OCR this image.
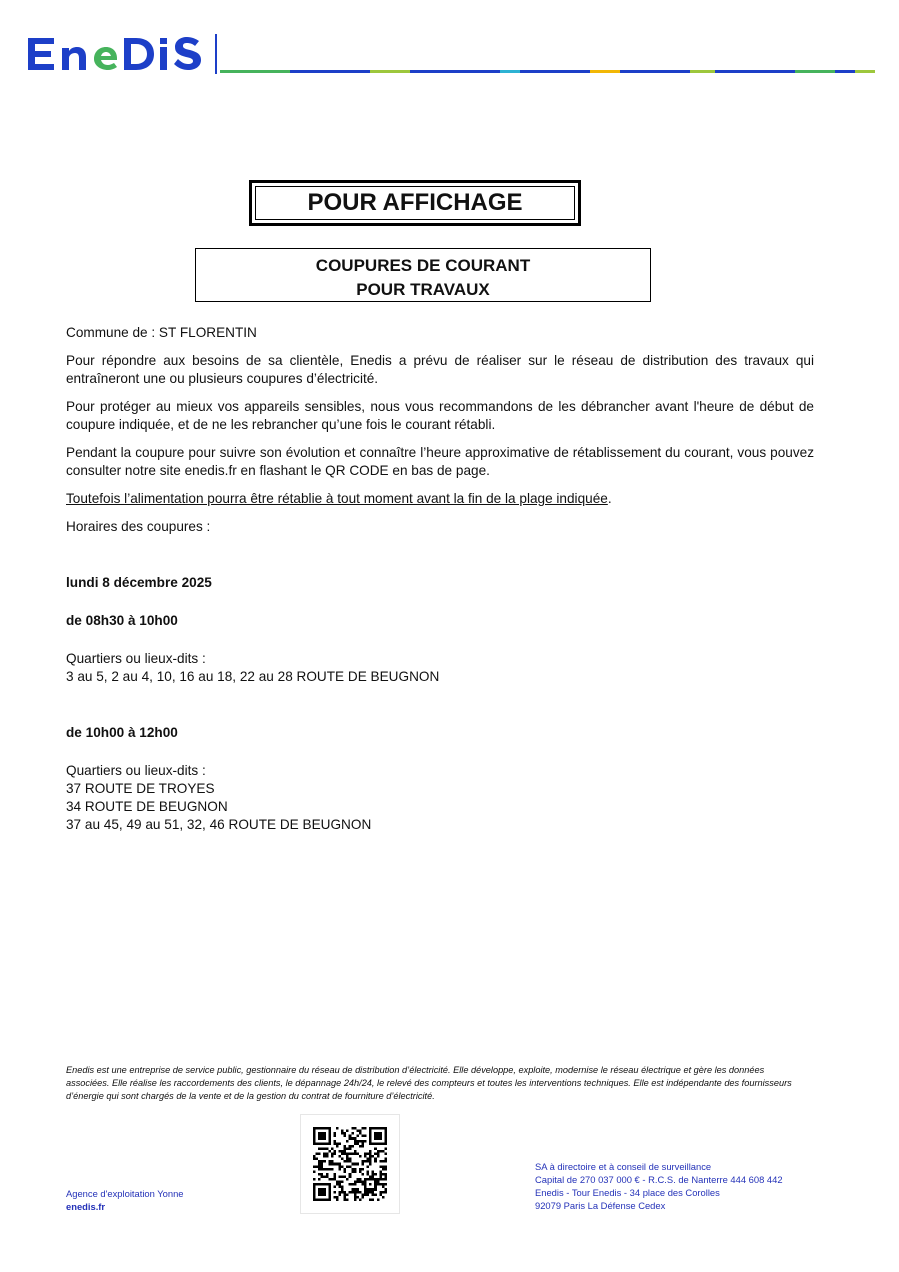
POUR AFFICHAGE
COUPURES DE COURANT
POUR TRAVAUX

Commune de : ST FLORENTIN

Pour répondre aux besoins de sa clientèle, Enedis a prévu de réaliser sur le réseau de distribution des travaux qui entraîneront une ou plusieurs coupures d’électricité.

Pour protéger au mieux vos appareils sensibles, nous vous recommandons de les débrancher avant l'heure de début de coupure indiquée, et de ne les rebrancher qu’une fois le courant rétabli.

Pendant la coupure pour suivre son évolution et connaître l’heure approximative de rétablissement du courant, vous pouvez consulter notre site enedis.fr en flashant le QR CODE en bas de page.

Toutefois l’alimentation pourra être rétablie à tout moment avant la fin de la plage indiquée.

Horaires des coupures :

lundi 8 décembre 2025

de 08h30 à 10h00

Quartiers ou lieux-dits :

3 au 5, 2 au 4, 10, 16 au 18, 22 au 28 ROUTE DE BEUGNON

de 10h00 à 12h00

Quartiers ou lieux-dits :

37 ROUTE DE TROYES

34 ROUTE DE BEUGNON

37 au 45, 49 au 51, 32, 46 ROUTE DE BEUGNON

Enedis est une entreprise de service public, gestionnaire du réseau de distribution d’électricité. Elle développe, exploite, modernise le réseau électrique et gère les données associées. Elle réalise les raccordements des clients, le dépannage 24h/24, le relevé des compteurs et toutes les interventions techniques. Elle est indépendante des fournisseurs d’énergie qui sont chargés de la vente et de la gestion du contrat de fourniture d’électricité.
Agence d'exploitation Yonne
enedis.fr
SA à directoire et à conseil de surveillance
Capital de 270 037 000 € - R.C.S. de Nanterre 444 608 442
Enedis - Tour Enedis - 34 place des Corolles
92079 Paris La Défense Cedex
